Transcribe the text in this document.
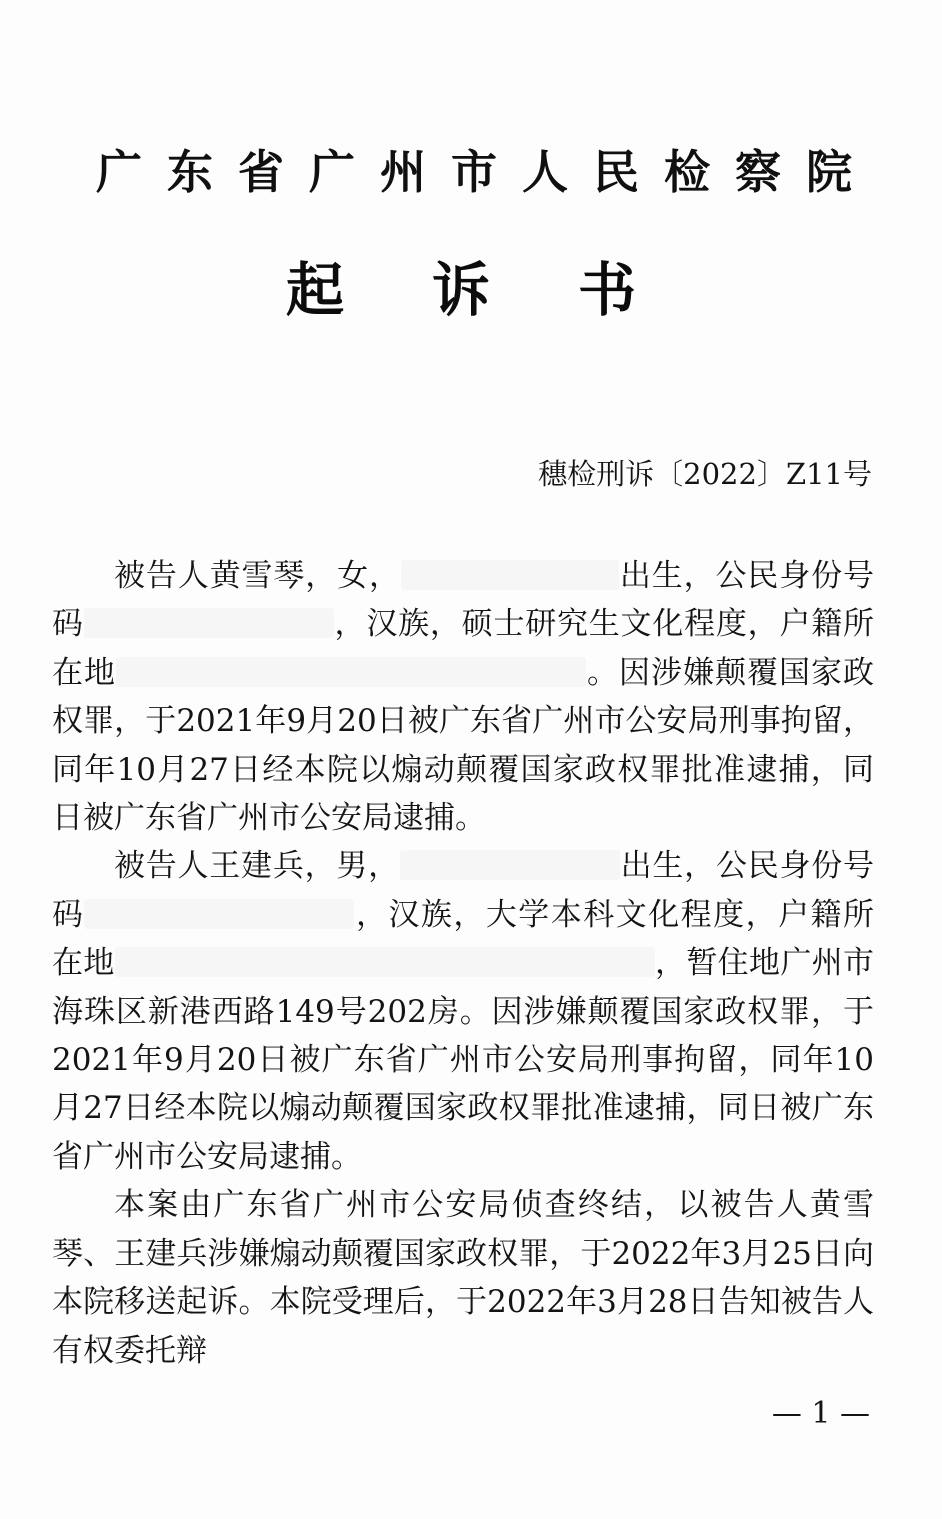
广东省广州市人民检察院
起诉书
穗检刑诉〔2022〕Z11号

被告人黄雪琴，女，	出生，公民身份号码	，汉族，硕士研究生文化程度，户籍所在地	。因涉嫌颠覆国家政权罪，于2021年9月20日被广东省广州市公安局刑事拘留，同年10月27日经本院以煽动颠覆国家政权罪批准逮捕，同日被广东省广州市公安局逮捕。

被告人王建兵，男，	出生，公民身份号码	，汉族，大学本科文化程度，户籍所在地	，暂住地广州市海珠区新港西路149号202房。因涉嫌颠覆国家政权罪，于2021年9月20日被广东省广州市公安局刑事拘留，同年10月27日经本院以煽动颠覆国家政权罪批准逮捕，同日被广东省广州市公安局逮捕。

本案由广东省广州市公安局侦查终结，以被告人黄雪琴、王建兵涉嫌煽动颠覆国家政权罪，于2022年3月25日向本院移送起诉。本院受理后，于2022年3月28日告知被告人有权委托辩

— 1 —
